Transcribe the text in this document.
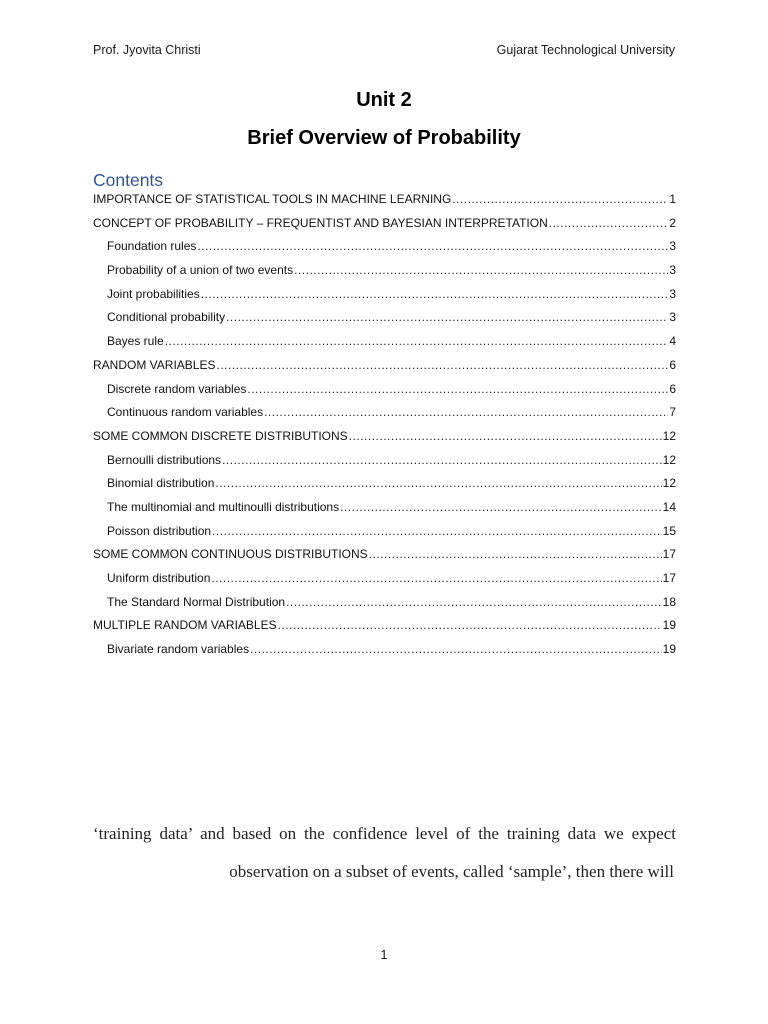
Prof. Jyovita Christi	Gujarat Technological University
Unit 2
Brief Overview of Probability
Contents
IMPORTANCE OF STATISTICAL TOOLS IN MACHINE LEARNING .....	1
CONCEPT OF PROBABILITY – FREQUENTIST AND BAYESIAN INTERPRETATION .....	2
Foundation rules .....	3
Probability of a union of two events .....	3
Joint probabilities .....	3
Conditional probability .....	3
Bayes rule .....	4
RANDOM VARIABLES .....	6
Discrete random variables .....	6
Continuous random variables .....	7
SOME COMMON DISCRETE DISTRIBUTIONS .....	12
Bernoulli distributions .....	12
Binomial distribution .....	12
The multinomial and multinoulli distributions .....	14
Poisson distribution .....	15
SOME COMMON CONTINUOUS DISTRIBUTIONS .....	17
Uniform distribution .....	17
The Standard Normal Distribution .....	18
MULTIPLE RANDOM VARIABLES .....	19
Bivariate random variables .....	19
‘training data’ and based on the confidence level of the training data we expect
observation on a subset of events, called ‘sample’, then there will
1
